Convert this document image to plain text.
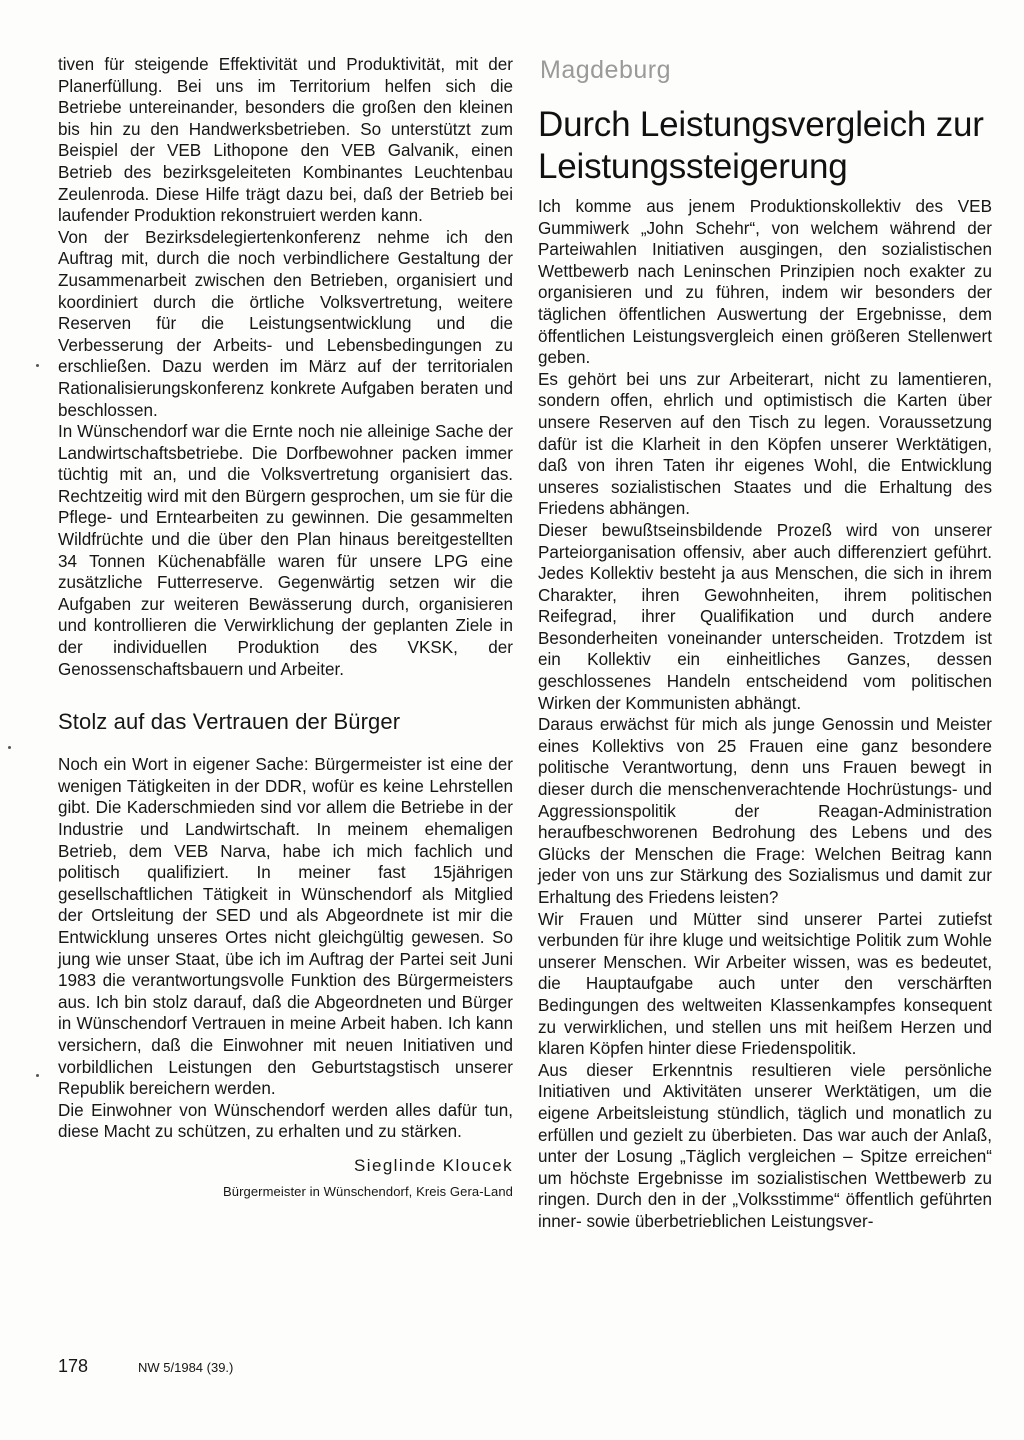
tiven für steigende Effektivität und Produktivität, mit der Planerfüllung. Bei uns im Territorium helfen sich die Betriebe untereinander, besonders die großen den kleinen bis hin zu den Handwerksbetrieben. So unterstützt zum Beispiel der VEB Lithopone den VEB Galvanik, einen Betrieb des bezirksgeleiteten Kombinantes Leuchtenbau Zeulenroda. Diese Hilfe trägt dazu bei, daß der Betrieb bei laufender Produktion rekonstruiert werden kann.

Von der Bezirksdelegiertenkonferenz nehme ich den Auftrag mit, durch die noch verbindlichere Gestaltung der Zusammenarbeit zwischen den Betrieben, organisiert und koordiniert durch die örtliche Volksvertretung, weitere Reserven für die Leistungsentwicklung und die Verbesserung der Arbeits- und Lebensbedingungen zu erschließen. Dazu werden im März auf der territorialen Rationalisierungskonferenz konkrete Aufgaben beraten und beschlossen.

In Wünschendorf war die Ernte noch nie alleinige Sache der Landwirtschaftsbetriebe. Die Dorfbewohner packen immer tüchtig mit an, und die Volksvertretung organisiert das. Rechtzeitig wird mit den Bürgern gesprochen, um sie für die Pflege- und Erntearbeiten zu gewinnen. Die gesammelten Wildfrüchte und die über den Plan hinaus bereitgestellten 34 Tonnen Küchenabfälle waren für unsere LPG eine zusätzliche Futterreserve. Gegenwärtig setzen wir die Aufgaben zur weiteren Bewässerung durch, organisieren und kontrollieren die Verwirklichung der geplanten Ziele in der individuellen Produktion des VKSK, der Genossenschaftsbauern und Arbeiter.

Stolz auf das Vertrauen der Bürger

Noch ein Wort in eigener Sache: Bürgermeister ist eine der wenigen Tätigkeiten in der DDR, wofür es keine Lehrstellen gibt. Die Kaderschmieden sind vor allem die Betriebe in der Industrie und Landwirtschaft. In meinem ehemaligen Betrieb, dem VEB Narva, habe ich mich fachlich und politisch qualifiziert. In meiner fast 15jährigen gesellschaftlichen Tätigkeit in Wünschendorf als Mitglied der Ortsleitung der SED und als Abgeordnete ist mir die Entwicklung unseres Ortes nicht gleichgültig gewesen. So jung wie unser Staat, übe ich im Auftrag der Partei seit Juni 1983 die verantwortungsvolle Funktion des Bürgermeisters aus. Ich bin stolz darauf, daß die Abgeordneten und Bürger in Wünschendorf Vertrauen in meine Arbeit haben. Ich kann versichern, daß die Einwohner mit neuen Initiativen und vorbildlichen Leistungen den Geburtstagstisch unserer Republik bereichern werden.

Die Einwohner von Wünschendorf werden alles dafür tun, diese Macht zu schützen, zu erhalten und zu stärken.

Sieglinde Kloucek
Bürgermeister in Wünschendorf, Kreis Gera-Land
Magdeburg
Durch Leistungsvergleich zur Leistungssteigerung

Ich komme aus jenem Produktionskollektiv des VEB Gummiwerk „John Schehr“, von welchem während der Parteiwahlen Initiativen ausgingen, den sozialistischen Wettbewerb nach Leninschen Prinzipien noch exakter zu organisieren und zu führen, indem wir besonders der täglichen öffentlichen Auswertung der Ergebnisse, dem öffentlichen Leistungsvergleich einen größeren Stellenwert geben.

Es gehört bei uns zur Arbeiterart, nicht zu lamentieren, sondern offen, ehrlich und optimistisch die Karten über unsere Reserven auf den Tisch zu legen. Voraussetzung dafür ist die Klarheit in den Köpfen unserer Werktätigen, daß von ihren Taten ihr eigenes Wohl, die Entwicklung unseres sozialistischen Staates und die Erhaltung des Friedens abhängen.

Dieser bewußtseinsbildende Prozeß wird von unserer Parteiorganisation offensiv, aber auch differenziert geführt. Jedes Kollektiv besteht ja aus Menschen, die sich in ihrem Charakter, ihren Gewohnheiten, ihrem politischen Reifegrad, ihrer Qualifikation und durch andere Besonderheiten voneinander unterscheiden. Trotzdem ist ein Kollektiv ein einheitliches Ganzes, dessen geschlossenes Handeln entscheidend vom politischen Wirken der Kommunisten abhängt.

Daraus erwächst für mich als junge Genossin und Meister eines Kollektivs von 25 Frauen eine ganz besondere politische Verantwortung, denn uns Frauen bewegt in dieser durch die menschenverachtende Hochrüstungs- und Aggressionspolitik der Reagan-Administration heraufbeschworenen Bedrohung des Lebens und des Glücks der Menschen die Frage: Welchen Beitrag kann jeder von uns zur Stärkung des Sozialismus und damit zur Erhaltung des Friedens leisten?

Wir Frauen und Mütter sind unserer Partei zutiefst verbunden für ihre kluge und weitsichtige Politik zum Wohle unserer Menschen. Wir Arbeiter wissen, was es bedeutet, die Hauptaufgabe auch unter den verschärften Bedingungen des weltweiten Klassenkampfes konsequent zu verwirklichen, und stellen uns mit heißem Herzen und klaren Köpfen hinter diese Friedenspolitik.

Aus dieser Erkenntnis resultieren viele persönliche Initiativen und Aktivitäten unserer Werktätigen, um die eigene Arbeitsleistung stündlich, täglich und monatlich zu erfüllen und gezielt zu überbieten. Das war auch der Anlaß, unter der Losung „Täglich vergleichen – Spitze erreichen“ um höchste Ergebnisse im sozialistischen Wettbewerb zu ringen. Durch den in der „Volksstimme“ öffentlich geführten inner- sowie überbetrieblichen Leistungsver-

178	NW 5/1984 (39.)
